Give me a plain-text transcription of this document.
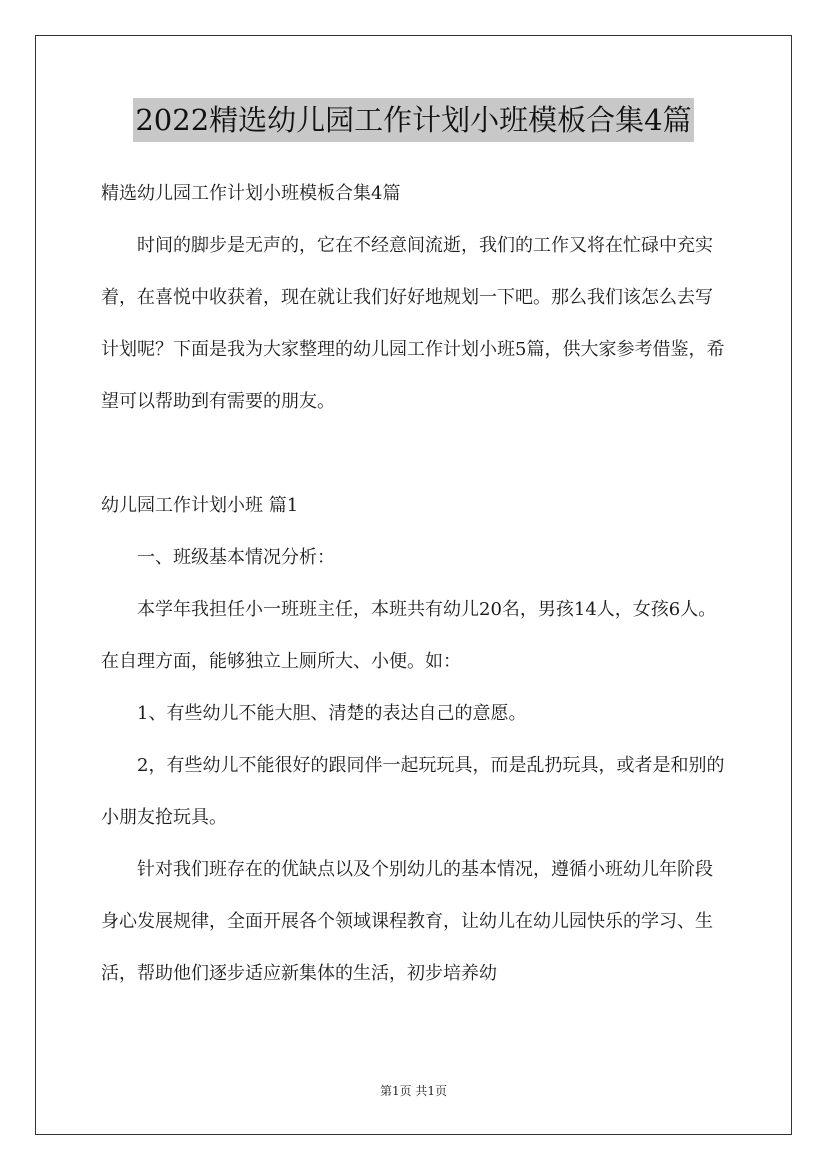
2022精选幼儿园工作计划小班模板合集4篇

精选幼儿园工作计划小班模板合集4篇

时间的脚步是无声的，它在不经意间流逝，我们的工作又将在忙碌中充实着，在喜悦中收获着，现在就让我们好好地规划一下吧。那么我们该怎么去写计划呢？下面是我为大家整理的幼儿园工作计划小班5篇，供大家参考借鉴，希望可以帮助到有需要的朋友。

幼儿园工作计划小班 篇1

一、班级基本情况分析：

本学年我担任小一班班主任，本班共有幼儿20名，男孩14人，女孩6人。在自理方面，能够独立上厕所大、小便。如：

1、有些幼儿不能大胆、清楚的表达自己的意愿。

2，有些幼儿不能很好的跟同伴一起玩玩具，而是乱扔玩具，或者是和别的小朋友抢玩具。

针对我们班存在的优缺点以及个别幼儿的基本情况，遵循小班幼儿年阶段身心发展规律，全面开展各个领域课程教育，让幼儿在幼儿园快乐的学习、生活，帮助他们逐步适应新集体的生活，初步培养幼

第1页 共1页
